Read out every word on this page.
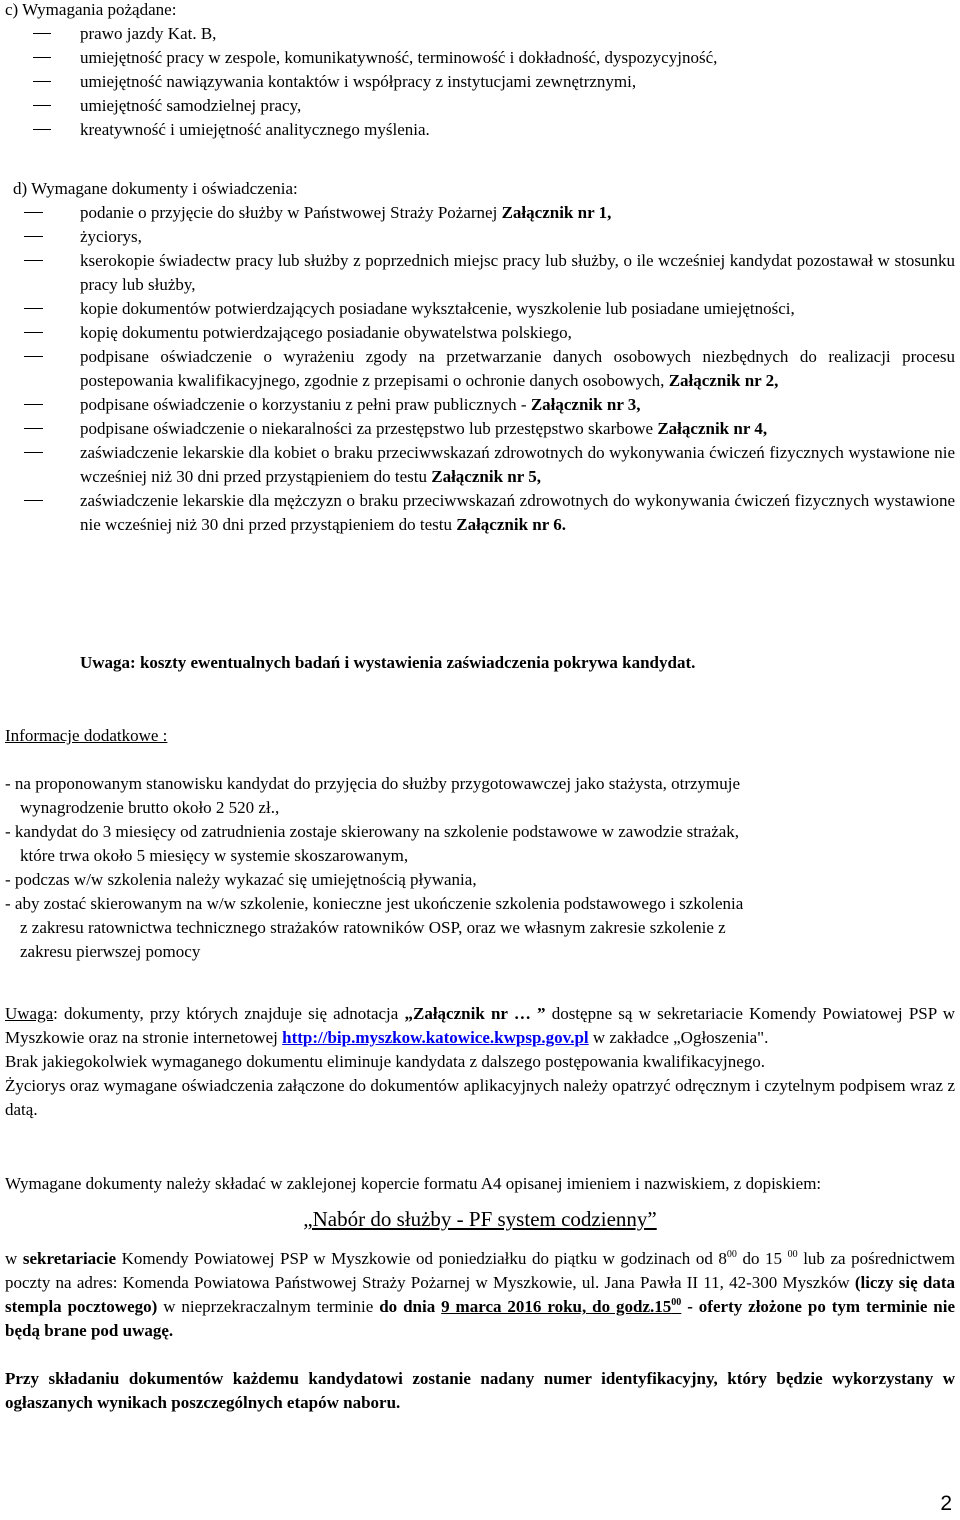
c) Wymagania pożądane:

prawo jazdy Kat. B,
umiejętność pracy w zespole, komunikatywność, terminowość i dokładność, dyspozycyjność,
umiejętność nawiązywania kontaktów i współpracy z instytucjami zewnętrznymi,
umiejętność samodzielnej pracy,
kreatywność i umiejętność analitycznego myślenia.

d) Wymagane dokumenty i oświadczenia:

podanie o przyjęcie do służby w Państwowej Straży Pożarnej Załącznik nr 1,
życiorys,
kserokopie świadectw pracy lub służby z poprzednich miejsc pracy lub służby, o ile wcześniej kandydat pozostawał w stosunku pracy lub służby,
kopie dokumentów potwierdzających posiadane wykształcenie, wyszkolenie lub posiadane umiejętności,
kopię dokumentu potwierdzającego posiadanie obywatelstwa polskiego,
podpisane oświadczenie o wyrażeniu zgody na przetwarzanie danych osobowych niezbędnych do realizacji procesu postepowania kwalifikacyjnego, zgodnie z przepisami o ochronie danych osobowych, Załącznik nr 2,
podpisane oświadczenie o korzystaniu z pełni praw publicznych - Załącznik nr 3,
podpisane oświadczenie o niekaralności za przestępstwo lub przestępstwo skarbowe Załącznik nr 4,
zaświadczenie lekarskie dla kobiet o braku przeciwwskazań zdrowotnych do wykonywania ćwiczeń fizycznych wystawione nie wcześniej niż 30 dni przed przystąpieniem do testu Załącznik nr 5,
zaświadczenie lekarskie dla mężczyzn o braku przeciwwskazań zdrowotnych do wykonywania ćwiczeń fizycznych wystawione nie wcześniej niż 30 dni przed przystąpieniem do testu Załącznik nr 6.

Uwaga: koszty ewentualnych badań i wystawienia zaświadczenia pokrywa kandydat.

Informacje dodatkowe :

- na proponowanym stanowisku kandydat do przyjęcia do służby przygotowawczej jako stażysta, otrzymuje

wynagrodzenie brutto około 2 520 zł.,

- kandydat do 3 miesięcy od zatrudnienia zostaje skierowany na szkolenie podstawowe w zawodzie strażak,

które trwa około 5 miesięcy w systemie skoszarowanym,

- podczas w/w szkolenia należy wykazać się umiejętnością pływania,

- aby zostać skierowanym na w/w szkolenie, konieczne jest ukończenie szkolenia podstawowego i szkolenia

z zakresu ratownictwa technicznego strażaków ratowników OSP, oraz we własnym zakresie szkolenie z

zakresu pierwszej pomocy

Uwaga: dokumenty, przy których znajduje się adnotacja „Załącznik nr … ” dostępne są w sekretariacie Komendy Powiatowej PSP w Myszkowie oraz na stronie internetowej http://bip.myszkow.katowice.kwpsp.gov.pl w zakładce „Ogłoszenia".

Brak jakiegokolwiek wymaganego dokumentu eliminuje kandydata z dalszego postępowania kwalifikacyjnego.

Życiorys oraz wymagane oświadczenia załączone do dokumentów aplikacyjnych należy opatrzyć odręcznym i czytelnym podpisem wraz z datą.

Wymagane dokumenty należy składać w zaklejonej kopercie formatu A4 opisanej imieniem i nazwiskiem, z dopiskiem:

„Nabór do służby - PF system codzienny”

w sekretariacie Komendy Powiatowej PSP w Myszkowie od poniedziałku do piątku w godzinach od $8^{00}$ do 15 $^{00}$ lub za pośrednictwem poczty na adres: Komenda Powiatowa Państwowej Straży Pożarnej w Myszkowie, ul. Jana Pawła II 11, 42-300 Myszków (liczy się data stempla pocztowego) w nieprzekraczalnym terminie do dnia 9 marca 2016 roku, do $godz.15^{00}$ - oferty złożone po tym terminie nie będą brane pod uwagę.

Przy składaniu dokumentów każdemu kandydatowi zostanie nadany numer identyfikacyjny, który będzie wykorzystany w ogłaszanych wynikach poszczególnych etapów naboru.

2
